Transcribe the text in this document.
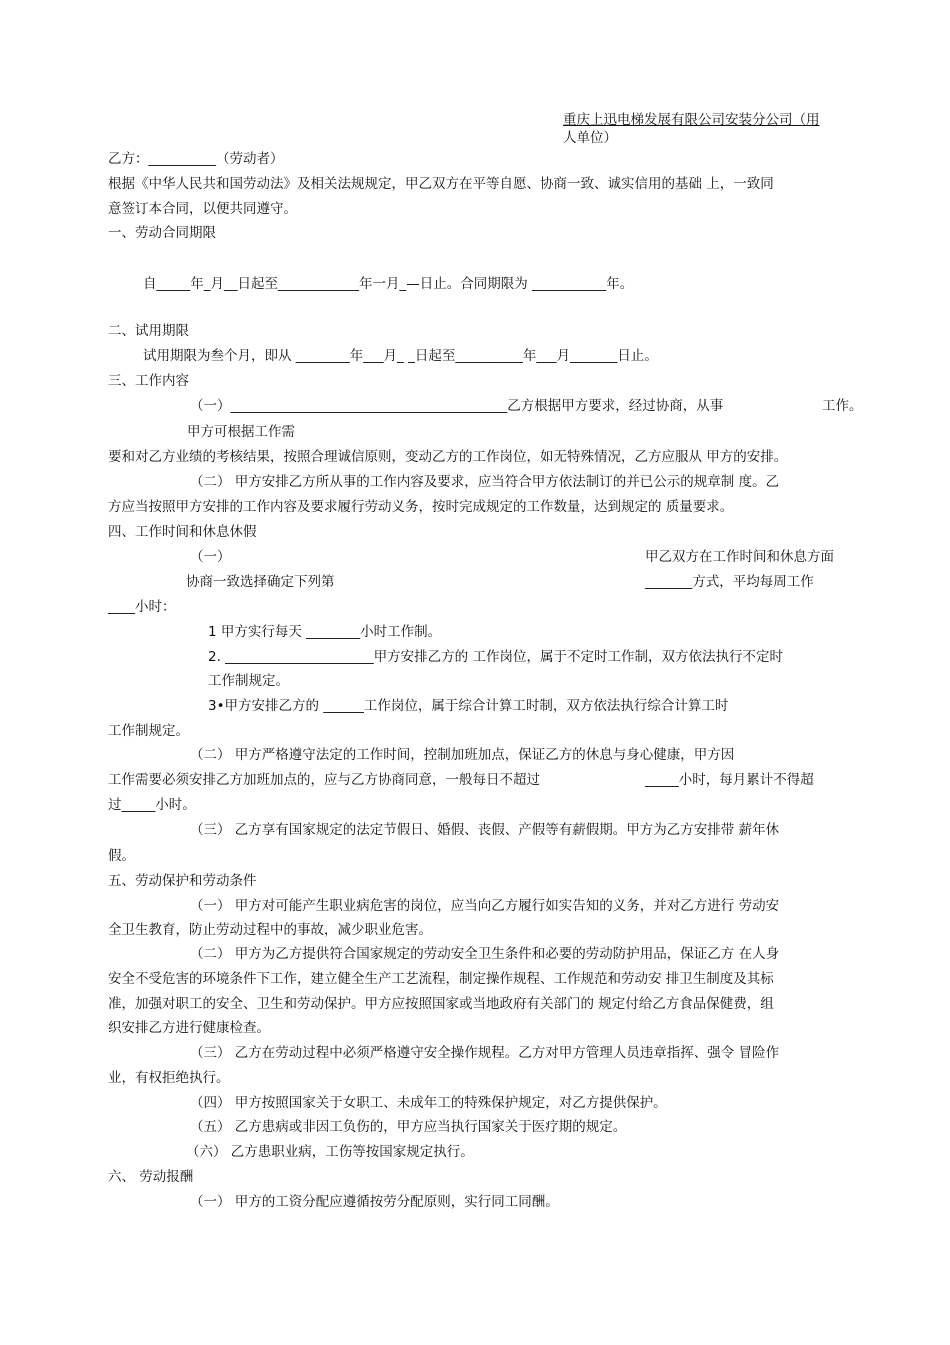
重庆上迅电梯发展有限公司安装分公司（用
人单位）
乙方：__________（劳动者）
根据《中华人民共和国劳动法》及相关法规规定，甲乙双方在平等自愿、协商一致、诚实信用的基础 上，一致同
意签订本合同，以便共同遵守。
一、劳动合同期限
自_____年_月__日起至____________年一月_—日止。合同期限为 ___________年。
二、试用期限
试用期限为叁个月，即从 ________年___月_ _日起至__________年___月_______日止。
三、工作内容
（一）_________________________________________乙方根据甲方要求，经过协商，从事	工作。
甲方可根据工作需
要和对乙方业绩的考核结果，按照合理诚信原则，变动乙方的工作岗位，如无特殊情况，乙方应服从 甲方的安排。
（二） 甲方安排乙方所从事的工作内容及要求，应当符合甲方依法制订的并已公示的规章制 度。乙
方应当按照甲方安排的工作内容及要求履行劳动义务，按时完成规定的工作数量，达到规定的 质量要求。
四、工作时间和休息休假
（一）	甲乙双方在工作时间和休息方面
协商一致选择确定下列第	_______方式，平均每周工作
____小时：
1 甲方实行每天 ________小时工作制。
2. ______________________甲方安排乙方的 工作岗位，属于不定时工作制，双方依法执行不定时
工作制规定。
3•甲方安排乙方的 ______工作岗位，属于综合计算工时制，双方依法执行综合计算工时
工作制规定。
（二） 甲方严格遵守法定的工作时间，控制加班加点，保证乙方的休息与身心健康，甲方因
工作需要必须安排乙方加班加点的，应与乙方协商同意，一般每日不超过	_____小时，每月累计不得超
过_____小时。
（三） 乙方享有国家规定的法定节假日、婚假、丧假、产假等有薪假期。甲方为乙方安排带 薪年休
假。
五、劳动保护和劳动条件
（一） 甲方对可能产生职业病危害的岗位，应当向乙方履行如实告知的义务，并对乙方进行 劳动安
全卫生教育，防止劳动过程中的事故，减少职业危害。
（二） 甲方为乙方提供符合国家规定的劳动安全卫生条件和必要的劳动防护用品，保证乙方 在人身
安全不受危害的环境条件下工作，建立健全生产工艺流程，制定操作规程、工作规范和劳动安 排卫生制度及其标
准，加强对职工的安全、卫生和劳动保护。甲方应按照国家或当地政府有关部门的 规定付给乙方食品保健费，组
织安排乙方进行健康检查。
（三） 乙方在劳动过程中必须严格遵守安全操作规程。乙方对甲方管理人员违章指挥、强令 冒险作
业，有权拒绝执行。
（四） 甲方按照国家关于女职工、未成年工的特殊保护规定，对乙方提供保护。
（五） 乙方患病或非因工负伤的，甲方应当执行国家关于医疗期的规定。
（六） 乙方患职业病，工伤等按国家规定执行。
六、 劳动报酬
（一） 甲方的工资分配应遵循按劳分配原则，实行同工同酬。
